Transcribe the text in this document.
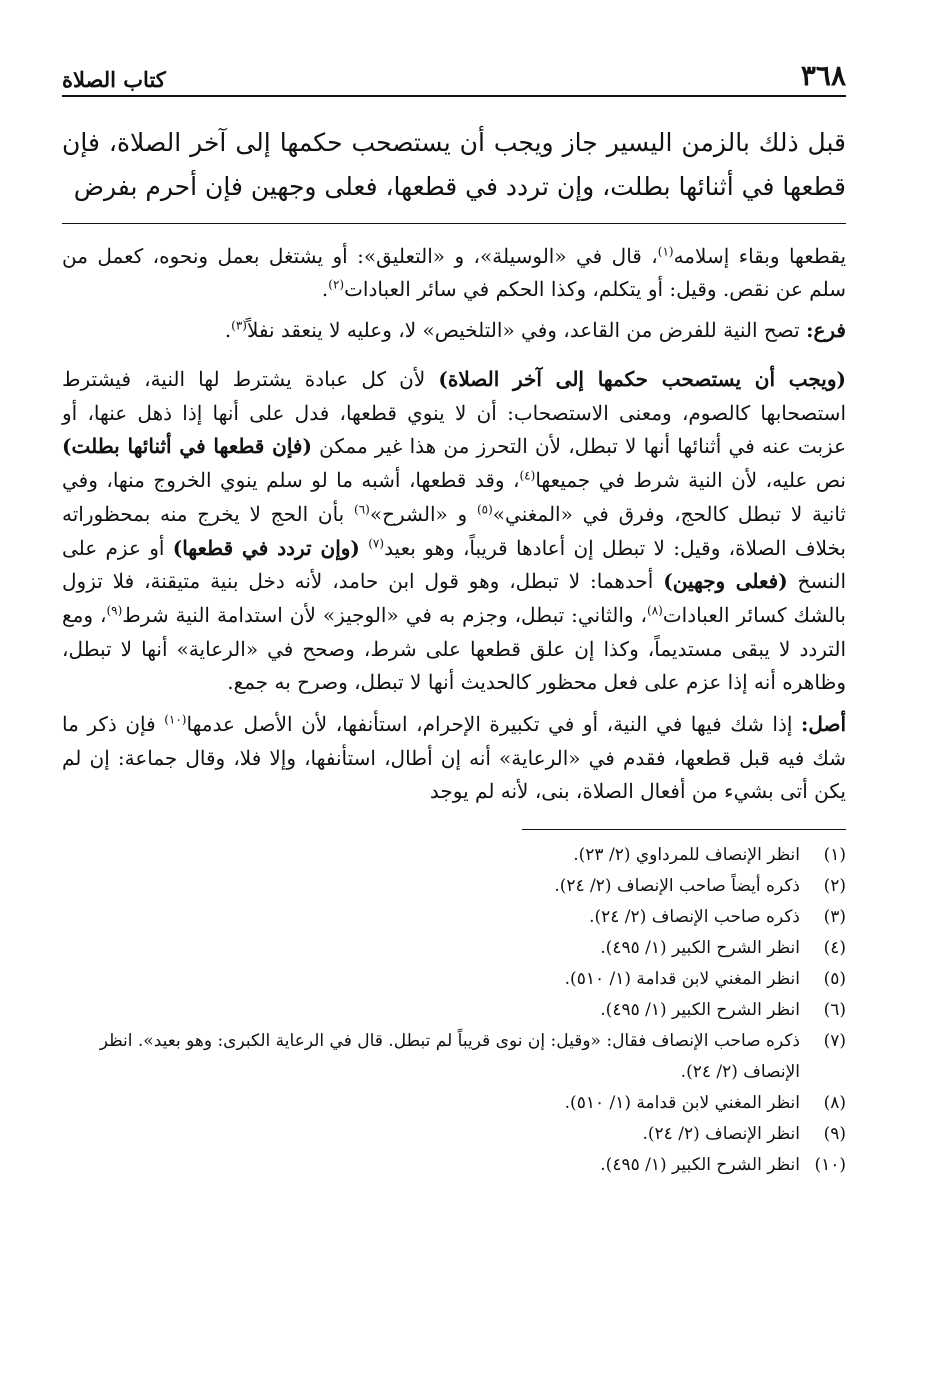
٣٦٨
كتاب الصلاة

قبل ذلك بالزمن اليسير جاز ويجب أن يستصحب حكمها إلى آخر الصلاة، فإن قطعها في أثنائها بطلت، وإن تردد في قطعها، فعلى وجهين فإن أحرم بفرض

يقطعها وبقاء إسلامه$^{(١)}$، قال في «الوسيلة»، و «التعليق»: أو يشتغل بعمل ونحوه، كعمل من سلم عن نقص. وقيل: أو يتكلم، وكذا الحكم في سائر العبادات$^{(٢)}$.

فرع: تصح النية للفرض من القاعد، وفي «التلخيص» لا، وعليه لا ينعقد نفلاً$^{(٣)}$.

(ويجب أن يستصحب حكمها إلى آخر الصلاة) لأن كل عبادة يشترط لها النية، فيشترط استصحابها كالصوم، ومعنى الاستصحاب: أن لا ينوي قطعها، فدل على أنها إذا ذهل عنها، أو عزبت عنه في أثنائها أنها لا تبطل، لأن التحرز من هذا غير ممكن (فإن قطعها في أثنائها بطلت) نص عليه، لأن النية شرط في جميعها$^{(٤)}$، وقد قطعها، أشبه ما لو سلم ينوي الخروج منها، وفي ثانية لا تبطل كالحج، وفرق في «المغني»$^{(٥)}$ و «الشرح»$^{(٦)}$ بأن الحج لا يخرج منه بمحظوراته بخلاف الصلاة، وقيل: لا تبطل إن أعادها قريباً، وهو بعيد$^{(٧)}$ (وإن تردد في قطعها) أو عزم على النسخ (فعلى وجهين) أحدهما: لا تبطل، وهو قول ابن حامد، لأنه دخل بنية متيقنة، فلا تزول بالشك كسائر العبادات$^{(٨)}$، والثاني: تبطل، وجزم به في «الوجيز» لأن استدامة النية شرط$^{(٩)}$، ومع التردد لا يبقى مستديماً، وكذا إن علق قطعها على شرط، وصحح في «الرعاية» أنها لا تبطل، وظاهره أنه إذا عزم على فعل محظور كالحديث أنها لا تبطل، وصرح به جمع.

أصل: إذا شك فيها في النية، أو في تكبيرة الإحرام، استأنفها، لأن الأصل عدمها$^{(١٠)}$ فإن ذكر ما شك فيه قبل قطعها، فقدم في «الرعاية» أنه إن أطال، استأنفها، وإلا فلا، وقال جماعة: إن لم يكن أتى بشيء من أفعال الصلاة، بنى، لأنه لم يوجد

(١)
انظر الإنصاف للمرداوي (٢/ ٢٣).
(٢)
ذكره أيضاً صاحب الإنصاف (٢/ ٢٤).
(٣)
ذكره صاحب الإنصاف (٢/ ٢٤).
(٤)
انظر الشرح الكبير (١/ ٤٩٥).
(٥)
انظر المغني لابن قدامة (١/ ٥١٠).
(٦)
انظر الشرح الكبير (١/ ٤٩٥).
(٧)
ذكره صاحب الإنصاف فقال: «وقيل: إن نوى قريباً لم تبطل. قال في الرعاية الكبرى: وهو بعيد». انظر الإنصاف (٢/ ٢٤).
(٨)
انظر المغني لابن قدامة (١/ ٥١٠).
(٩)
انظر الإنصاف (٢/ ٢٤).
(١٠)
انظر الشرح الكبير (١/ ٤٩٥).
